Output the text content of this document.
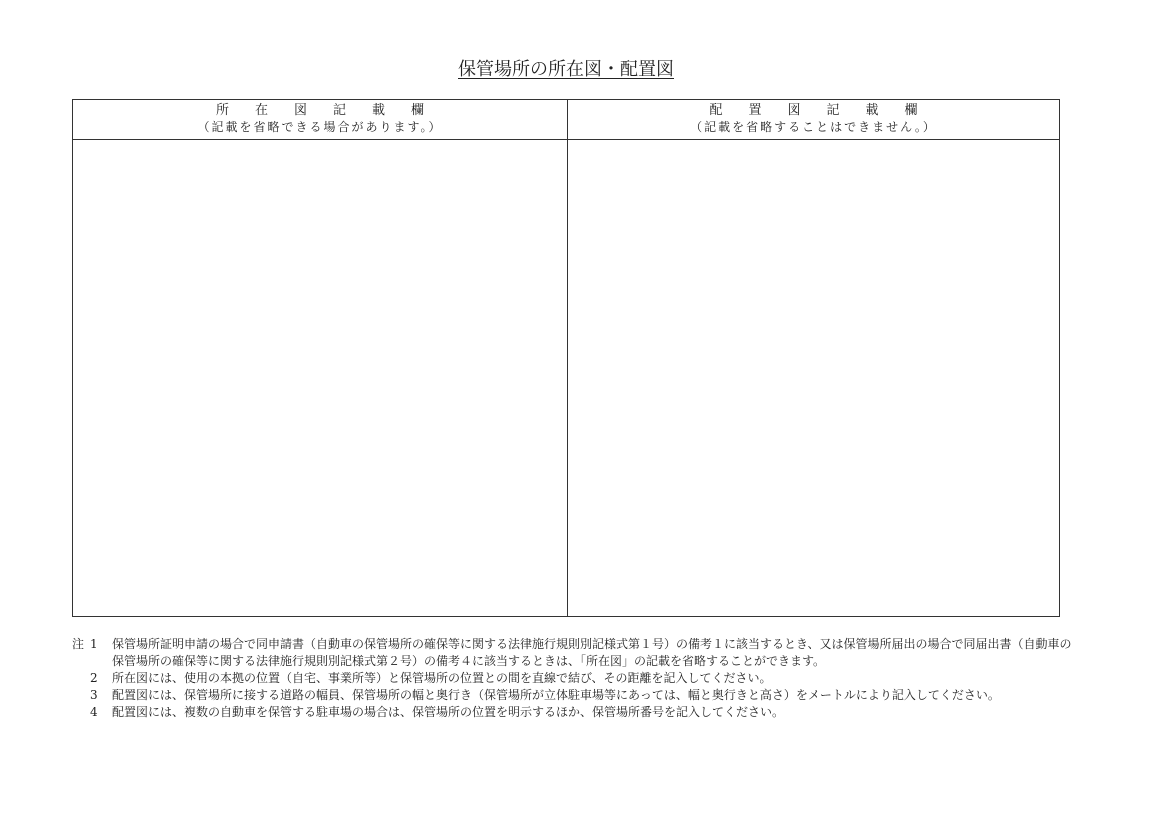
保管場所の所在図・配置図
所　　在　　図　　記　　載　　欄
（記載を省略できる場合があります。）
配　　置　　図　　記　　載　　欄
（記載を省略することはできません。）
注 1	保管場所証明申請の場合で同申請書（自動車の保管場所の確保等に関する法律施行規則別記様式第１号）の備考１に該当するとき、又は保管場所届出の場合で同届出書（自動車の保管場所の確保等に関する法律施行規則別記様式第２号）の備考４に該当するときは、「所在図」の記載を省略することができます。
2	所在図には、使用の本拠の位置（自宅、事業所等）と保管場所の位置との間を直線で結び、その距離を記入してください。
3	配置図には、保管場所に接する道路の幅員、保管場所の幅と奥行き（保管場所が立体駐車場等にあっては、幅と奥行きと高さ）をメートルにより記入してください。
4	配置図には、複数の自動車を保管する駐車場の場合は、保管場所の位置を明示するほか、保管場所番号を記入してください。
